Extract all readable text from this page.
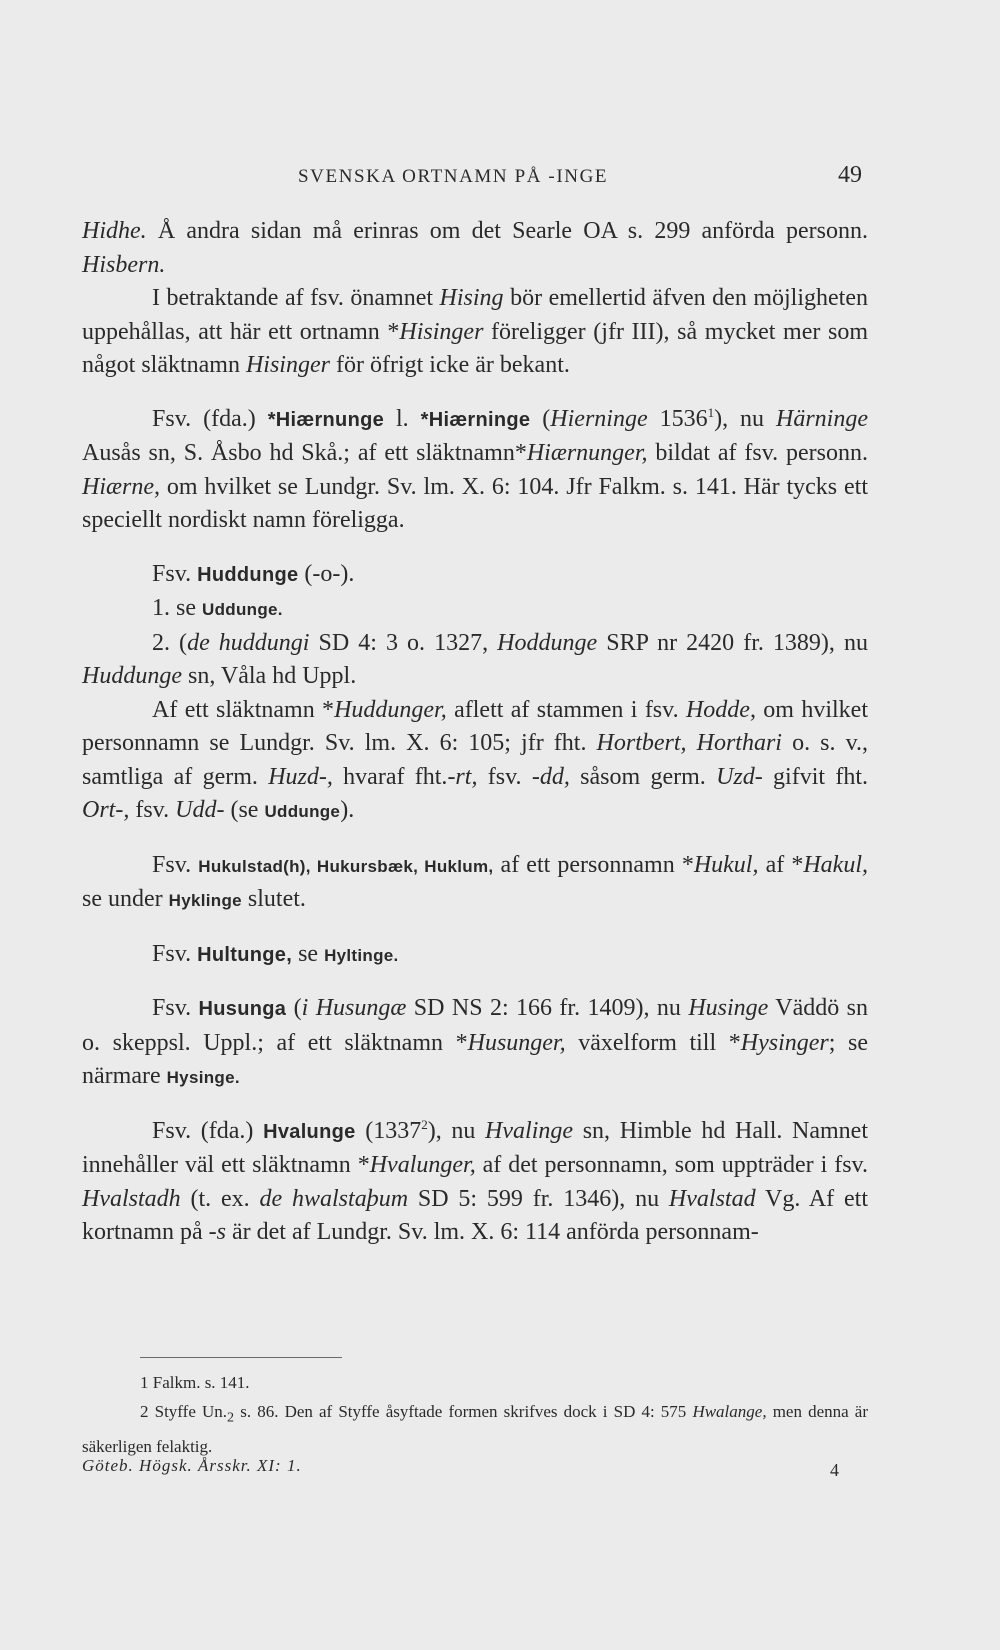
SVENSKA ORTNAMN PÅ -INGE	49

Hidhe. Å andra sidan må erinras om det Searle OA s. 299 anförda personn. Hisbern.

I betraktande af fsv. önamnet Hising bör emellertid äfven den möjligheten uppehållas, att här ett ortnamn *Hisinger föreligger (jfr III), så mycket mer som något släktnamn Hisinger för öfrigt icke är bekant.

Fsv. (fda.) *Hiærnunge l. *Hiærninge (Hierninge 1536$^1$), nu Härninge Ausås sn, S. Åsbo hd Skå.; af ett släktnamn*Hiærnunger, bildat af fsv. personn. Hiærne, om hvilket se Lundgr. Sv. lm. X. 6: 104. Jfr Falkm. s. 141. Här tycks ett speciellt nordiskt namn föreligga.

Fsv. Huddunge (-o-).

1. se Uddunge.

2. (de huddungi SD 4: 3 o. 1327, Hoddunge SRP nr 2420 fr. 1389), nu Huddunge sn, Våla hd Uppl.

Af ett släktnamn *Huddunger, aflett af stammen i fsv. Hodde, om hvilket personnamn se Lundgr. Sv. lm. X. 6: 105; jfr fht. Hortbert, Horthari o. s. v., samtliga af germ. Huzd-, hvaraf fht.-rt, fsv. -dd, såsom germ. Uzd- gifvit fht. Ort-, fsv. Udd- (se Uddunge).

Fsv. Hukulstad(h), Hukursbæk, Huklum, af ett personnamn *Hukul, af *Hakul, se under Hyklinge slutet.

Fsv. Hultunge, se Hyltinge.

Fsv. Husunga (i Husungæ SD NS 2: 166 fr. 1409), nu Husinge Väddö sn o. skeppsl. Uppl.; af ett släktnamn *Husunger, växelform till *Hysinger; se närmare Hysinge.

Fsv. (fda.) Hvalunge (1337$^2$), nu Hvalinge sn, Himble hd Hall. Namnet innehåller väl ett släktnamn *Hvalunger, af det personnamn, som uppträder i fsv. Hvalstadh (t. ex. de hwalstaþum SD 5: 599 fr. 1346), nu Hvalstad Vg. Af ett kortnamn på -s är det af Lundgr. Sv. lm. X. 6: 114 anförda personnam-

1 Falkm. s. 141.

2 Styffe $Un._2$ s. 86. Den af Styffe åsyftade formen skrifves dock i SD 4: 575 Hwalange, men denna är säkerligen felaktig.

Göteb. Högsk. Årsskr. XI: 1.	4
